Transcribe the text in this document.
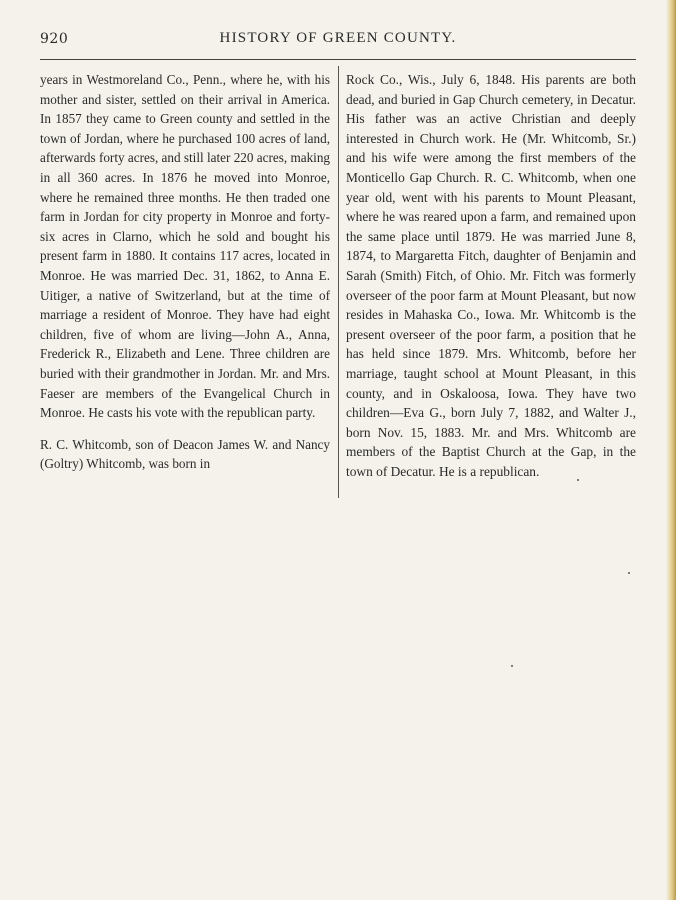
920	HISTORY OF GREEN COUNTY.

years in Westmoreland Co., Penn., where he, with his mother and sister, settled on their arrival in America. In 1857 they came to Green county and settled in the town of Jordan, where he purchased 100 acres of land, afterwards forty acres, and still later 220 acres, making in all 360 acres. In 1876 he moved into Monroe, where he remained three months. He then traded one farm in Jordan for city property in Monroe and forty-six acres in Clarno, which he sold and bought his present farm in 1880. It contains 117 acres, located in Monroe. He was married Dec. 31, 1862, to Anna E. Uitiger, a native of Switzerland, but at the time of marriage a resident of Monroe. They have had eight children, five of whom are living—John A., Anna, Frederick R., Elizabeth and Lene. Three children are buried with their grandmother in Jordan. Mr. and Mrs. Faeser are members of the Evangelical Church in Monroe. He casts his vote with the republican party.

R. C. Whitcomb, son of Deacon James W. and Nancy (Goltry) Whitcomb, was born in

Rock Co., Wis., July 6, 1848. His parents are both dead, and buried in Gap Church cemetery, in Decatur. His father was an active Christian and deeply interested in Church work. He (Mr. Whitcomb, Sr.) and his wife were among the first members of the Monticello Gap Church. R. C. Whitcomb, when one year old, went with his parents to Mount Pleasant, where he was reared upon a farm, and remained upon the same place until 1879. He was married June 8, 1874, to Margaretta Fitch, daughter of Benjamin and Sarah (Smith) Fitch, of Ohio. Mr. Fitch was formerly overseer of the poor farm at Mount Pleasant, but now resides in Mahaska Co., Iowa. Mr. Whitcomb is the present overseer of the poor farm, a position that he has held since 1879. Mrs. Whitcomb, before her marriage, taught school at Mount Pleasant, in this county, and in Oskaloosa, Iowa. They have two children—Eva G., born July 7, 1882, and Walter J., born Nov. 15, 1883. Mr. and Mrs. Whitcomb are members of the Baptist Church at the Gap, in the town of Decatur. He is a republican.
